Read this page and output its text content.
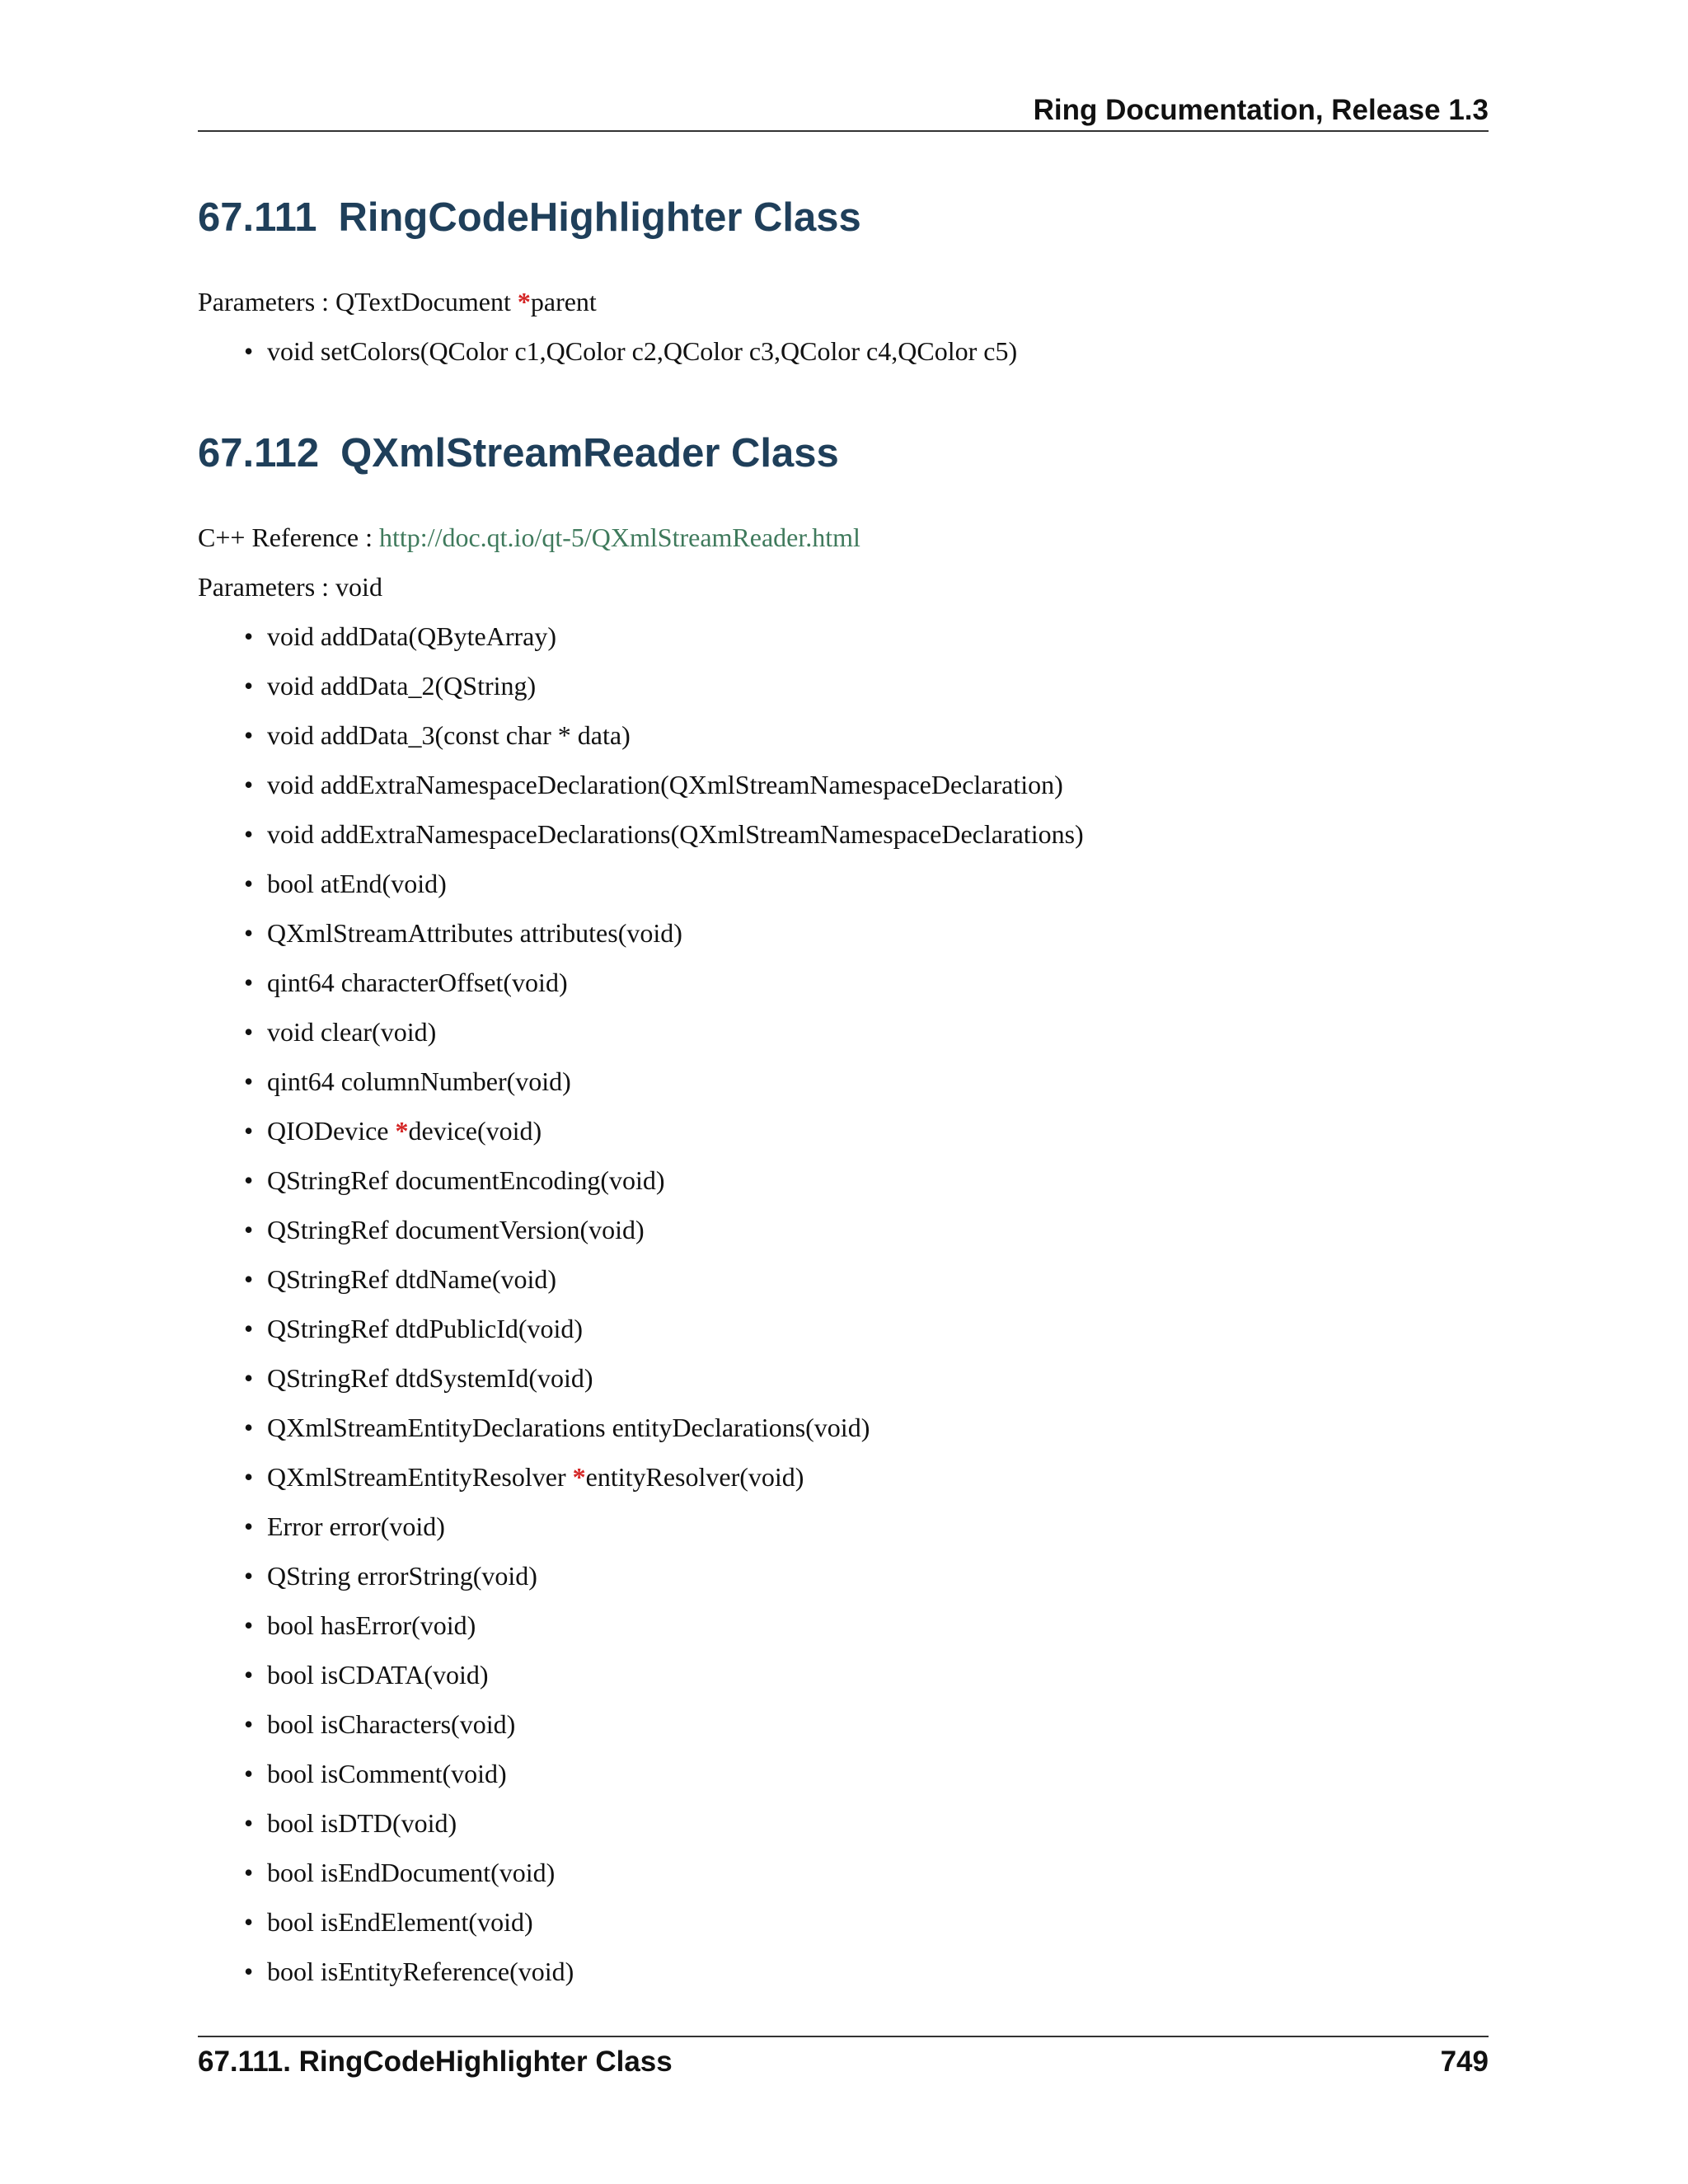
Ring Documentation, Release 1.3
67.111 RingCodeHighlighter Class

Parameters : QTextDocument *parent

• void setColors(QColor c1,QColor c2,QColor c3,QColor c4,QColor c5)
67.112 QXmlStreamReader Class

C++ Reference : http://doc.qt.io/qt-5/QXmlStreamReader.html

Parameters : void

• void addData(QByteArray)
• void addData_2(QString)
• void addData_3(const char * data)
• void addExtraNamespaceDeclaration(QXmlStreamNamespaceDeclaration)
• void addExtraNamespaceDeclarations(QXmlStreamNamespaceDeclarations)
• bool atEnd(void)
• QXmlStreamAttributes attributes(void)
• qint64 characterOffset(void)
• void clear(void)
• qint64 columnNumber(void)
• QIODevice *device(void)
• QStringRef documentEncoding(void)
• QStringRef documentVersion(void)
• QStringRef dtdName(void)
• QStringRef dtdPublicId(void)
• QStringRef dtdSystemId(void)
• QXmlStreamEntityDeclarations entityDeclarations(void)
• QXmlStreamEntityResolver *entityResolver(void)
• Error error(void)
• QString errorString(void)
• bool hasError(void)
• bool isCDATA(void)
• bool isCharacters(void)
• bool isComment(void)
• bool isDTD(void)
• bool isEndDocument(void)
• bool isEndElement(void)
• bool isEntityReference(void)
67.111. RingCodeHighlighter Class	749
